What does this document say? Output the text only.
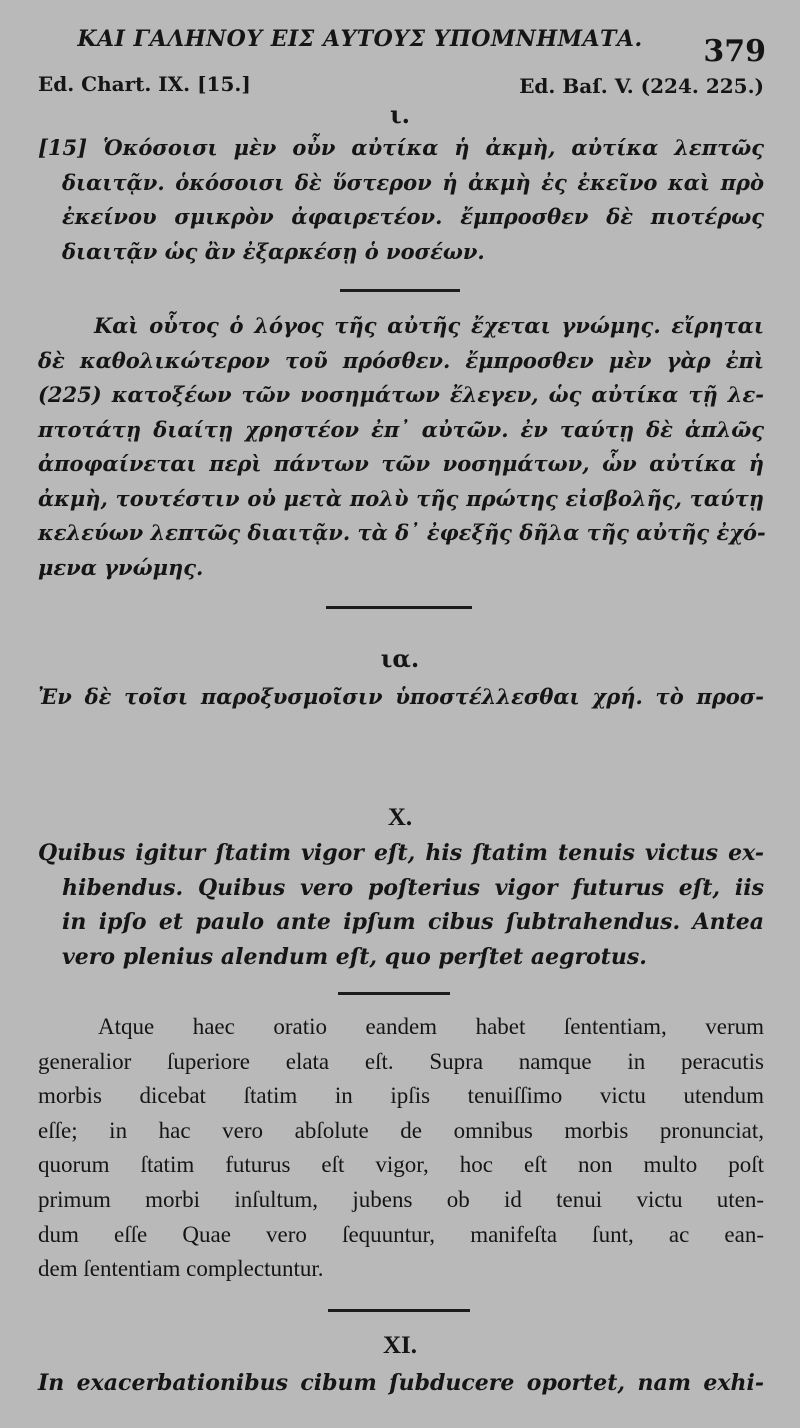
ΚΑΙ ΓΑΛΗΝΟΥ ΕΙΣ ΑΥΤΟΥΣ ΥΠΟΜΝΗΜΑΤΑ.	379
Ed. Chart. IX. [15.]	Ed. Baſ. V. (224. 225.)
ι.
[15] Ὁκόσοισι μὲν οὖν αὐτίκα ἡ ἀκμὴ, αὐτίκα λεπτῶς
διαιτᾷν. ὁκόσοισι δὲ ὕστερον ἡ ἀκμὴ ἐς ἐκεῖνο καὶ πρὸ
ἐκείνου σμικρὸν ἀφαιρετέον. ἔμπροσθεν δὲ πιοτέρως
διαιτᾷν ὡς ἂν ἐξαρκέσῃ ὁ νοσέων.
Καὶ οὗτος ὁ λόγος τῆς αὐτῆς ἔχεται γνώμης. εἴρηται
δὲ καθολικώτερον τοῦ πρόσθεν. ἔμπροσθεν μὲν γὰρ ἐπὶ
(225) κατοξέων τῶν νοσημάτων ἔλεγεν, ὡς αὐτίκα τῇ λε-
πτοτάτῃ διαίτῃ χρηστέον ἐπ᾽ αὐτῶν. ἐν ταύτῃ δὲ ἁπλῶς
ἀποφαίνεται περὶ πάντων τῶν νοσημάτων, ὧν αὐτίκα ἡ
ἀκμὴ, τουτέστιν οὐ μετὰ πολὺ τῆς πρώτης εἰσβολῆς, ταύτῃ
κελεύων λεπτῶς διαιτᾷν. τὰ δ᾽ ἐφεξῆς δῆλα τῆς αὐτῆς ἐχό-
μενα γνώμης.
ια.
Ἐν δὲ τοῖσι παροξυσμοῖσιν ὑποστέλλεσθαι χρή. τὸ προσ-
X.
Quibus igitur ſtatim vigor eſt, his ſtatim tenuis victus ex-
hibendus. Quibus vero poſterius vigor futurus eſt, iis
in ipſo et paulo ante ipſum cibus ſubtrahendus. Antea
vero plenius alendum eſt, quo perſtet aegrotus.
Atque haec oratio eandem habet ſententiam, verum
generalior ſuperiore elata eſt. Supra namque in peracutis
morbis dicebat ſtatim in ipſis tenuiſſimo victu utendum
eſſe; in hac vero abſolute de omnibus morbis pronunciat,
quorum ſtatim futurus eſt vigor, hoc eſt non multo poſt
primum morbi inſultum, jubens ob id tenui victu uten-
dum eſſe Quae vero ſequuntur, manifeſta ſunt, ac ean-
dem ſententiam complectuntur.
XI.
In exacerbationibus cibum ſubducere oportet, nam exhi-
